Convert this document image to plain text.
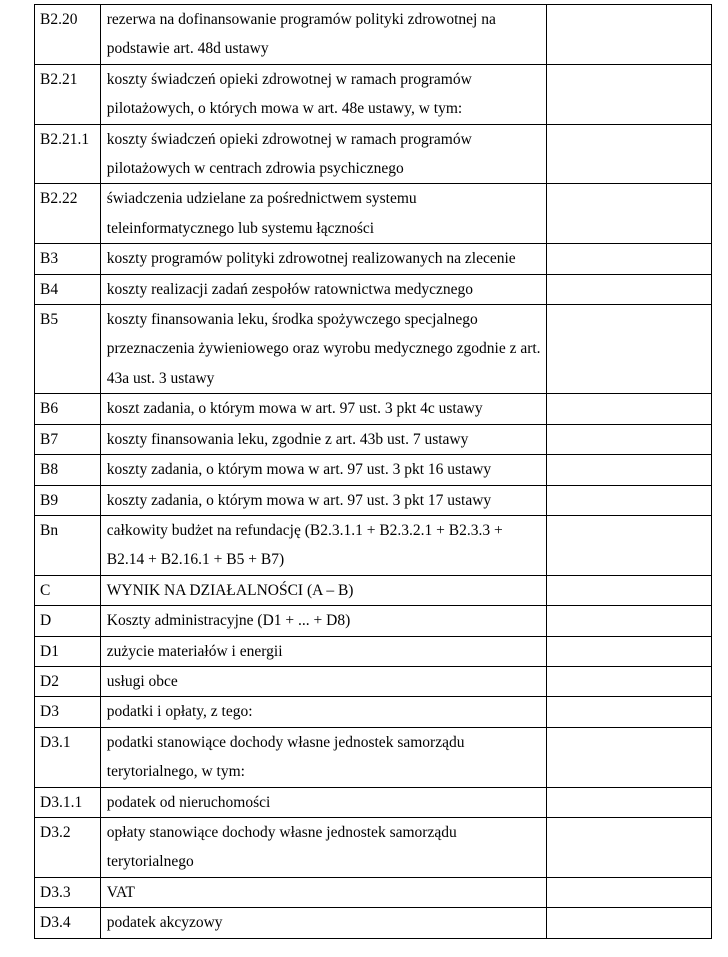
B2.20	rezerwa na dofinansowanie programów polityki zdrowotnej na podstawie art. 48d ustawy	
B2.21	koszty świadczeń opieki zdrowotnej w ramach programów pilotażowych, o których mowa w art. 48e ustawy, w tym:	
B2.21.1	koszty świadczeń opieki zdrowotnej w ramach programów pilotażowych w centrach zdrowia psychicznego	
B2.22	świadczenia udzielane za pośrednictwem systemu teleinformatycznego lub systemu łączności	
B3	koszty programów polityki zdrowotnej realizowanych na zlecenie	
B4	koszty realizacji zadań zespołów ratownictwa medycznego	
B5	koszty finansowania leku, środka spożywczego specjalnego przeznaczenia żywieniowego oraz wyrobu medycznego zgodnie z art. 43a ust. 3 ustawy	
B6	koszt zadania, o którym mowa w art. 97 ust. 3 pkt 4c ustawy	
B7	koszty finansowania leku, zgodnie z art. 43b ust. 7 ustawy	
B8	koszty zadania, o którym mowa w art. 97 ust. 3 pkt 16 ustawy	
B9	koszty zadania, o którym mowa w art. 97 ust. 3 pkt 17 ustawy	
Bn	całkowity budżet na refundację (B2.3.1.1 + B2.3.2.1 + B2.3.3 + B2.14 + B2.16.1 + B5 + B7)	
C	WYNIK NA DZIAŁALNOŚCI (A – B)	
D	Koszty administracyjne (D1 + ... + D8)	
D1	zużycie materiałów i energii	
D2	usługi obce	
D3	podatki i opłaty, z tego:	
D3.1	podatki stanowiące dochody własne jednostek samorządu terytorialnego, w tym:	
D3.1.1	podatek od nieruchomości	
D3.2	opłaty stanowiące dochody własne jednostek samorządu terytorialnego	
D3.3	VAT	
D3.4	podatek akcyzowy	
